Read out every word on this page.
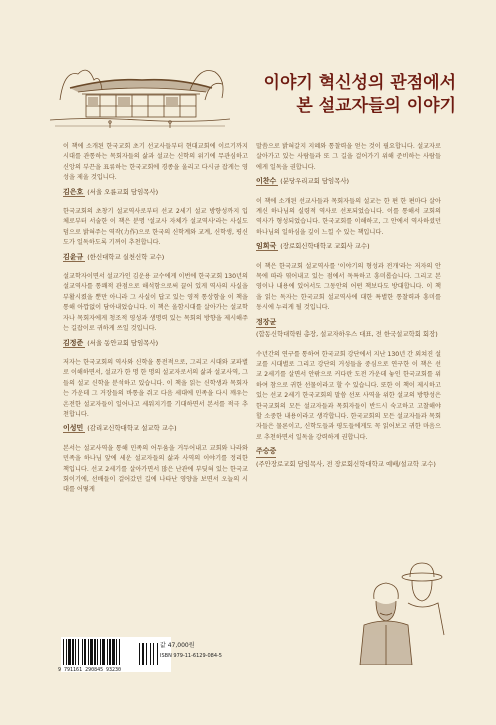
이야기 혁신성의 관점에서
본 설교자들의 이야기

이 책에 소개된 한국교회 초기 선교사들부터 현대교회에 이르기까지 시대를 관통하는 목회자들의 삶과 설교는 신학의 위기에 무관심하고 신앙의 부끈을 표류하는 한국교회에 경종을 울리고 다시금 잡게는 영성을 제울 것입니다.

김은호 (서울 오륜교회 담임목사)

한국교회의 초창기 설교역사로부터 선교 2세기 설교 방향성까지 입체로부터 서술한 이 책은 분명 '설교사 자체가 설교역사'라는 사실도 덤으로 밝혀주는 역작(力作)으로 한국의 신학계와 교계, 신학생, 평신도가 일독하도록 기꺼이 추천합니다.

김윤규 (한신대학교 실천신학 교수)

설교학자이면서 설교가인 김운용 교수에게 이번에 한국교회 130년의 설교역사를 통쾌적 관점으로 해석함으로써 끌어 있게 역사의 사실을 부활시켰을 뿐만 아니라 그 사실이 답고 있는 영적 통상함을 이 책을 통해 아깝없이 담아내었습니다. 이 책은 올함시대를 살아가는 설교학자나 목회자에게 청조적 영성과 생명력 있는 목회의 방향을 제시해주는 길잡이로 귀하게 쓰일 것입니다.

김정준 (서울 동안교회 담임목사)

저자는 한국교회의 역사와 신학을 통전적으로, 그리고 시대와 교파별로 이해하면서, 설교가 한 명 한 명의 설교자로서의 삶과 설교사역, 그들의 설교 신학을 분석하고 있습니다. 이 책을 읽는 신학생과 목회자는 가운데 그 거장들의 바통을 쥐고 다음 세대에 민족을 다시 깨우는 온전한 설교자들이 일어나고 세워지기를 기대하면서 본서를 적극 추천합니다.

이성민 (감리교신학대학교 설교학 교수)

본서는 설교사역을 통해 민족의 어두움을 거두어내고 교회와 나라와 민족을 하나님 앞에 세운 설교자들의 삶과 사역의 이야기를 정리한 책입니다. 선교 2세기를 살아가면서 많은 난관에 부딪혀 있는 한국교회이기에, 선배들이 걸어갔던 길에 나타난 영양을 보면서 오늘의 시대를 어떻게

말씀으로 밝혀갈지 지혜와 통찰력을 얻는 것이 필요합니다. 설교자로 살아가고 있는 사람들과 또 그 길을 걸어가기 위해 준비하는 사람들에게 일독을 권합니다.

이찬수 (분당우리교회 담임목사)

이 책에 소개된 선교사들과 목회자들의 설교는 한 편 한 편마다 살아계신 하나님의 실령적 역사로 선포되었습니다. 이를 통해서 교회의 역사가 형성되었습니다. 한국교회를 이해하고, 그 안에서 역사하셨던 하나님의 일하심을 깊이 느낄 수 있는 책입니다.

임희국 (장로회신학대학교 교회사 교수)

이 책은 한국교회 설교역사를 '이야기의 형성과 전개'라는 저자의 안목에 따라 엮어내고 있는 점에서 독특하고 흥미롭습니다. 그리고 본영이나 내용에 있어서도 그동안의 어떤 책보다도 방대합니다. 이 책을 읽는 독자는 한국교회 설교역사에 대한 특별한 통찰력과 흥미를 동시에 누리게 될 것입니다.

정장균
(합동신학대학원 총장, 설교자하우스 대표, 전 한국설교학회 회장)

수년간의 연구를 통하여 한국교회 강단에서 지난 130년 간 외쳐진 설교를 시대별로 그리고 강단의 거성들을 중심으로 연구한 이 책은 선교 2세기를 살면서 안팎으로 커다란 도전 가운데 놓인 한국교회를 위하여 참으로 귀한 선물이라고 할 수 있습니다. 또한 이 책이 제시하고 있는 선교 2세기 한국교회의 말씀 선포 사역을 위한 설교의 방향성은 한국교회의 모든 설교자들과 목회자들이 반드시 숙고하고 고찰해야 할 소중한 내용이라고 생각합니다. 한국교회의 모든 설교자들과 목회자들은 물론이고, 신학도들과 평도들에게도 꼭 읽어보고 귀한 마음으로 추천하면서 일독을 강력하게 권합니다.

주승중
(주안장로교회 담임목사, 전 장로회신학대학교 예배/설교학 교수)
9 791161 290845 93230
값 47,000원
ISBN 979-11-6129-084-5
